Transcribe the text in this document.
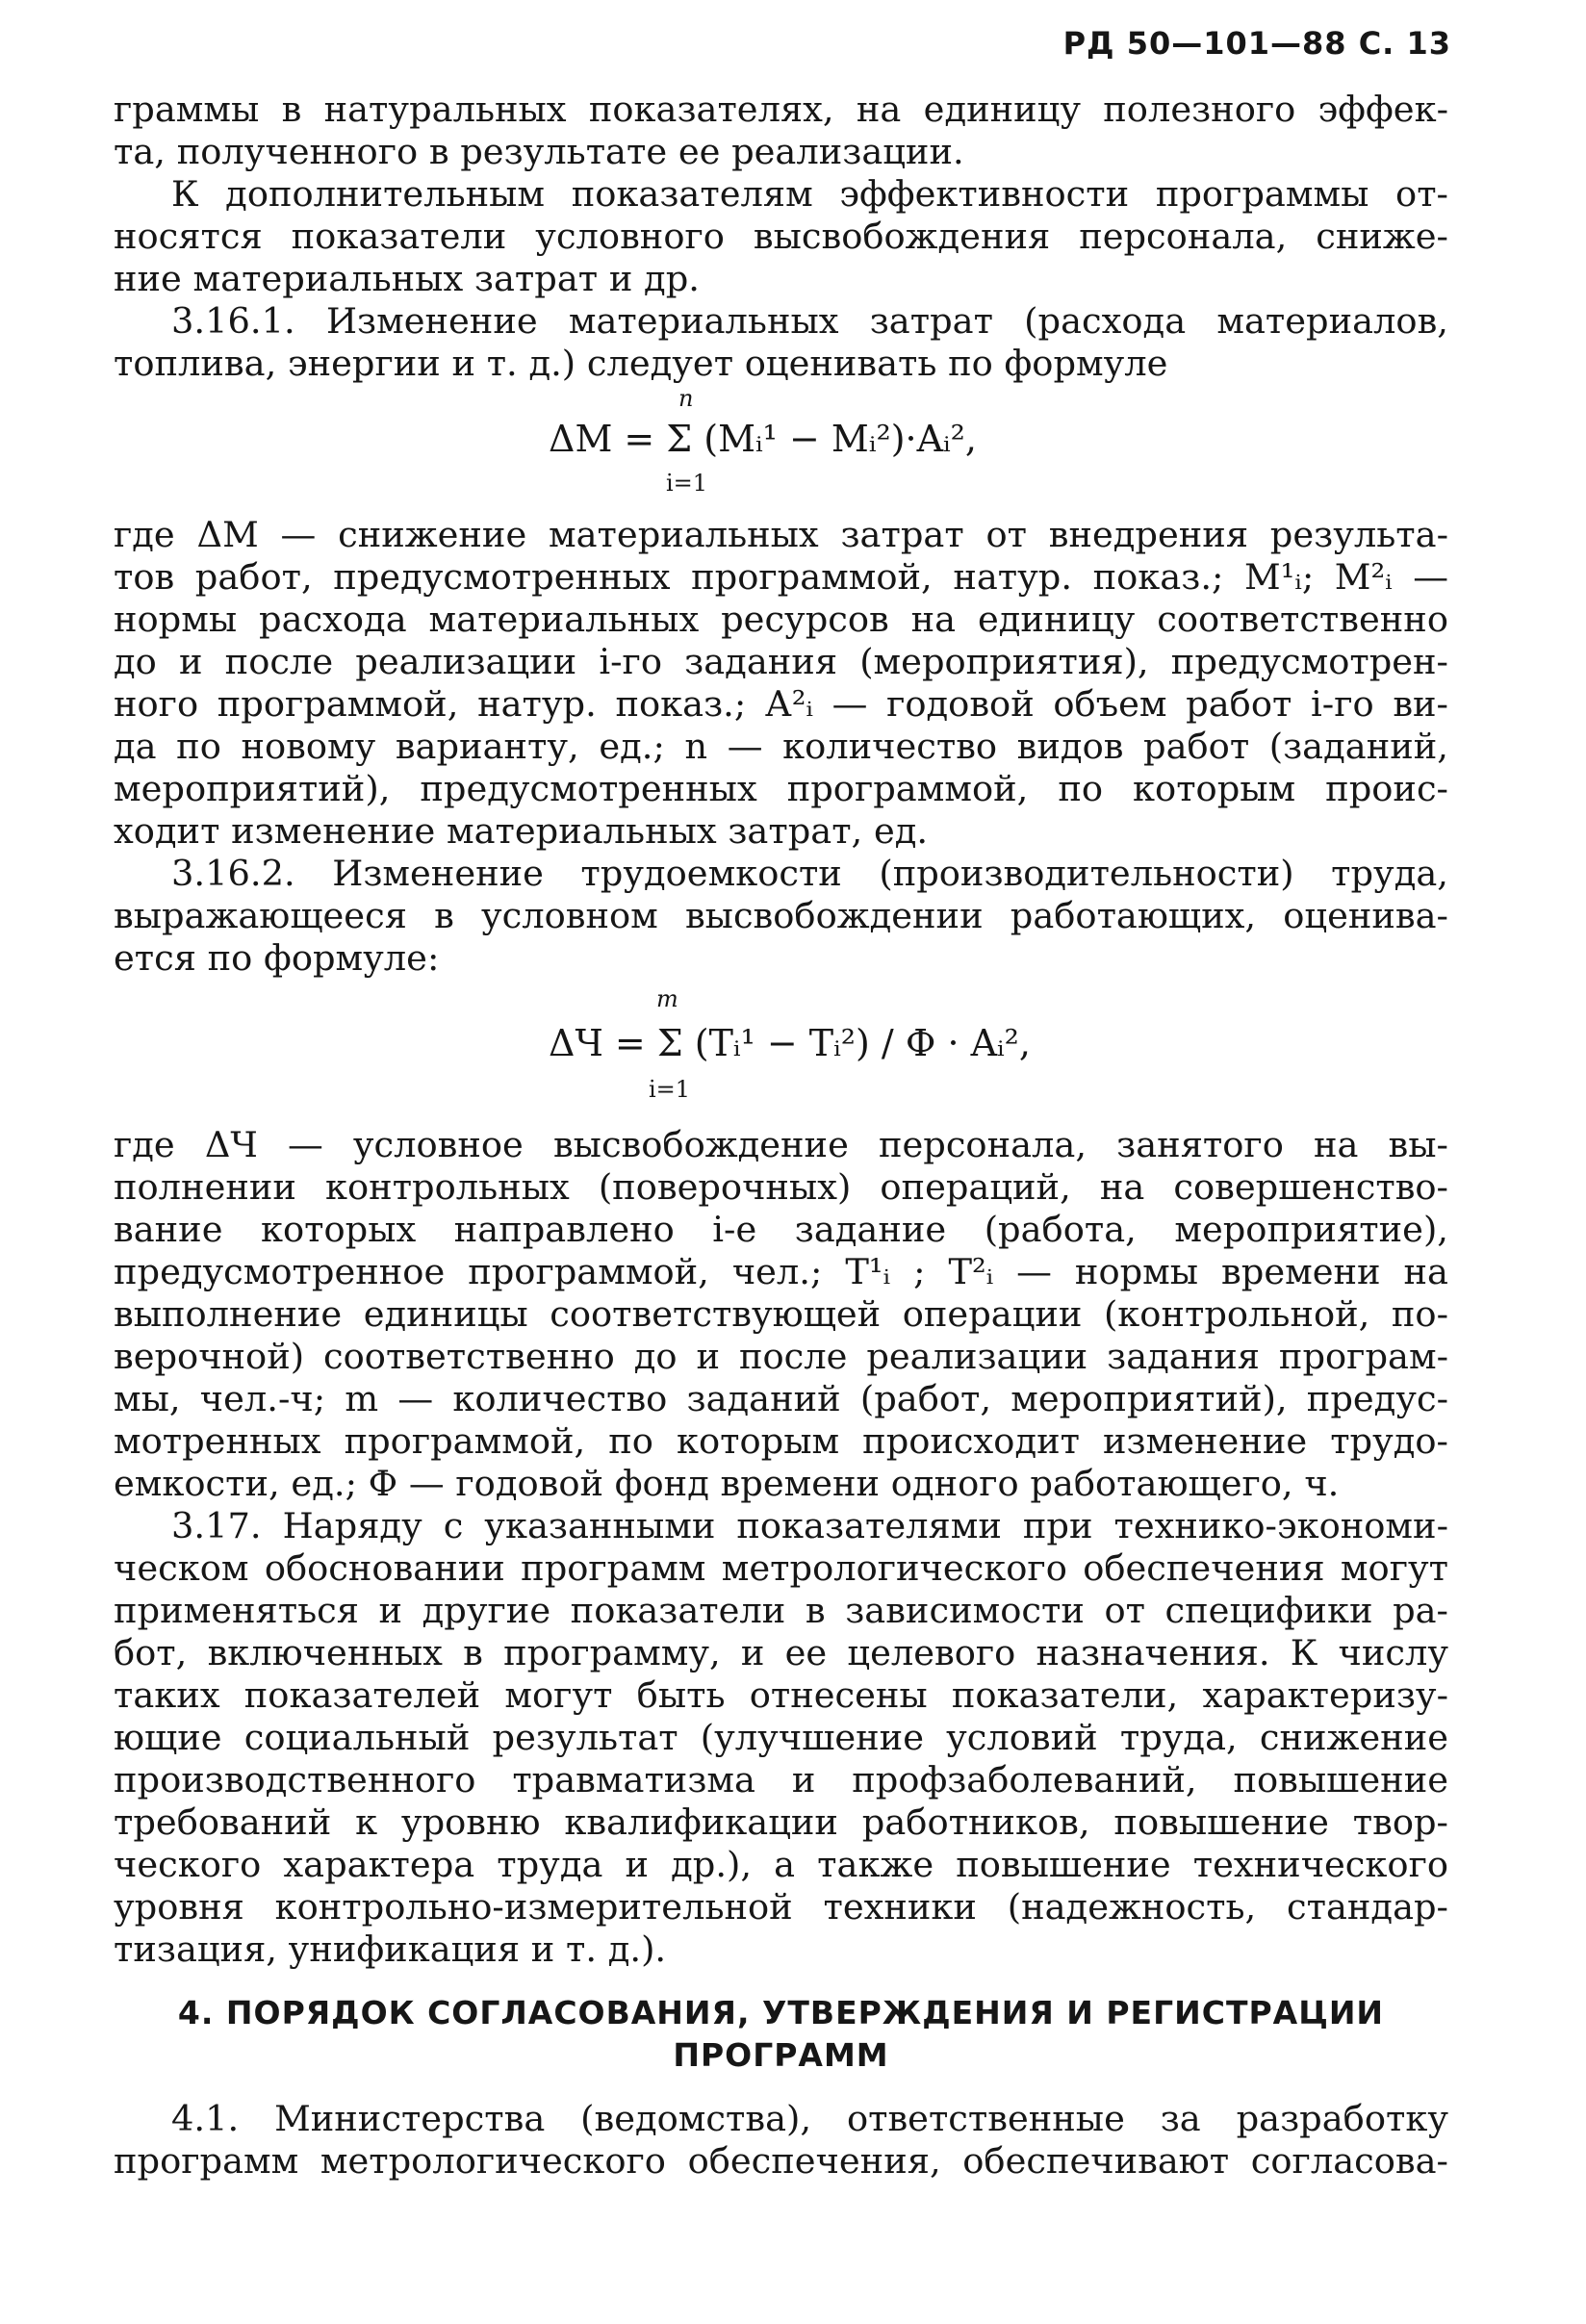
РД 50—101—88 С. 13
граммы в натуральных показателях, на единицу полезного эффек-
та, полученного в результате ее реализации.
К дополнительным показателям эффективности программы от-
носятся показатели условного высвобождения персонала, сниже-
ние материальных затрат и др.
3.16.1. Изменение материальных затрат (расхода материалов,
топлива, энергии и т. д.) следует оценивать по формуле
n
ΔM = Σ (Mᵢ¹ − Mᵢ²)·Aᵢ²,
i=1
где ΔМ — снижение материальных затрат от внедрения результа-
тов работ, предусмотренных программой, натур. показ.; М¹ᵢ; М²ᵢ —
нормы расхода материальных ресурсов на единицу соответственно
до и после реализации i-го задания (мероприятия), предусмотрен-
ного программой, натур. показ.; А²ᵢ — годовой объем работ i-го ви-
да по новому варианту, ед.; n — количество видов работ (заданий,
мероприятий), предусмотренных программой, по которым проис-
ходит изменение материальных затрат, ед.
3.16.2. Изменение трудоемкости (производительности) труда,
выражающееся в условном высвобождении работающих, оценива-
ется по формуле:
m
ΔЧ = Σ (Tᵢ¹ − Tᵢ²) / Ф · Aᵢ²,
i=1
где ΔЧ — условное высвобождение персонала, занятого на вы-
полнении контрольных (поверочных) операций, на совершенство-
вание которых направлено i-е задание (работа, мероприятие),
предусмотренное программой, чел.; Т¹ᵢ ; Т²ᵢ — нормы времени на
выполнение единицы соответствующей операции (контрольной, по-
верочной) соответственно до и после реализации задания програм-
мы, чел.-ч; m — количество заданий (работ, мероприятий), предус-
мотренных программой, по которым происходит изменение трудо-
емкости, ед.; Ф — годовой фонд времени одного работающего, ч.
3.17. Наряду с указанными показателями при технико-экономи-
ческом обосновании программ метрологического обеспечения могут
применяться и другие показатели в зависимости от специфики ра-
бот, включенных в программу, и ее целевого назначения. К числу
таких показателей могут быть отнесены показатели, характеризу-
ющие социальный результат (улучшение условий труда, снижение
производственного травматизма и профзаболеваний, повышение
требований к уровню квалификации работников, повышение твор-
ческого характера труда и др.), а также повышение технического
уровня контрольно-измерительной техники (надежность, стандар-
тизация, унификация и т. д.).
4. ПОРЯДОК СОГЛАСОВАНИЯ, УТВЕРЖДЕНИЯ И РЕГИСТРАЦИИ
ПРОГРАММ
4.1. Министерства (ведомства), ответственные за разработку
программ метрологического обеспечения, обеспечивают согласова-
